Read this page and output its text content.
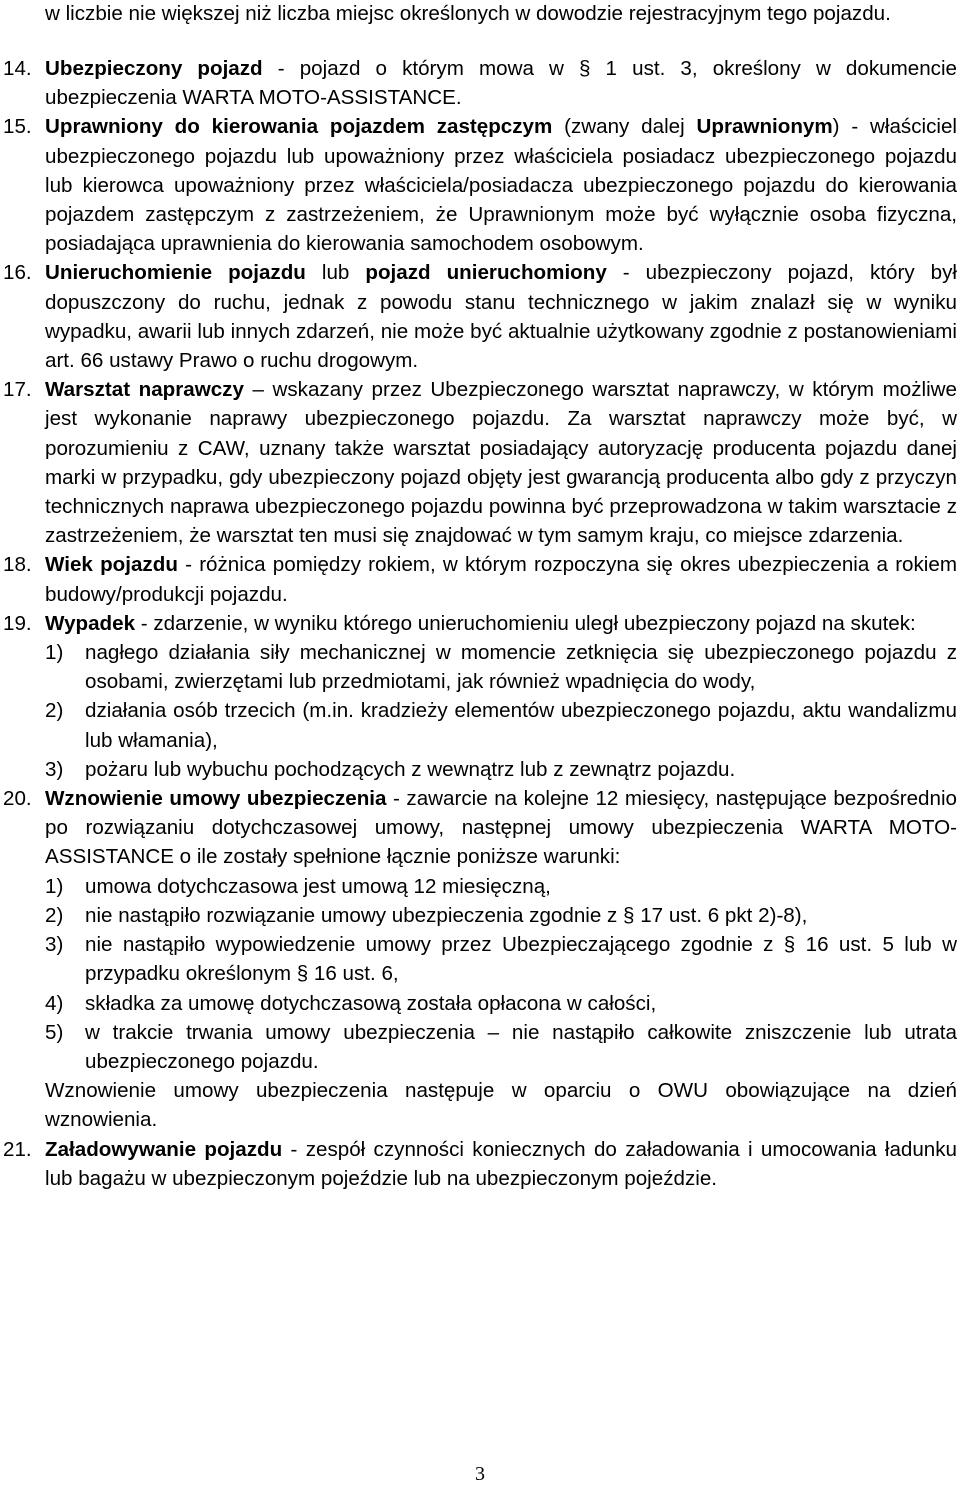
w liczbie nie większej niż liczba miejsc określonych w dowodzie rejestracyjnym tego pojazdu.
14. Ubezpieczony pojazd - pojazd o którym mowa w § 1 ust. 3, określony w dokumencie ubezpieczenia WARTA MOTO-ASSISTANCE.

15. Uprawniony do kierowania pojazdem zastępczym (zwany dalej Uprawnionym) - właściciel ubezpieczonego pojazdu lub upoważniony przez właściciela posiadacz ubezpieczonego pojazdu lub kierowca upoważniony przez właściciela/posiadacza ubezpieczonego pojazdu do kierowania pojazdem zastępczym z zastrzeżeniem, że Uprawnionym może być wyłącznie osoba fizyczna, posiadająca uprawnienia do kierowania samochodem osobowym.

16. Unieruchomienie pojazdu lub pojazd unieruchomiony - ubezpieczony pojazd, który był dopuszczony do ruchu, jednak z powodu stanu technicznego w jakim znalazł się w wyniku wypadku, awarii lub innych zdarzeń, nie może być aktualnie użytkowany zgodnie z postanowieniami art. 66 ustawy Prawo o ruchu drogowym.

17. Warsztat naprawczy – wskazany przez Ubezpieczonego warsztat naprawczy, w którym możliwe jest wykonanie naprawy ubezpieczonego pojazdu. Za warsztat naprawczy może być, w porozumieniu z CAW, uznany także warsztat posiadający autoryzację producenta pojazdu danej marki w przypadku, gdy ubezpieczony pojazd objęty jest gwarancją producenta albo gdy z przyczyn technicznych naprawa ubezpieczonego pojazdu powinna być przeprowadzona w takim warsztacie z zastrzeżeniem, że warsztat ten musi się znajdować w tym samym kraju, co miejsce zdarzenia.

18. Wiek pojazdu - różnica pomiędzy rokiem, w którym rozpoczyna się okres ubezpieczenia a rokiem budowy/produkcji pojazdu.

19. Wypadek - zdarzenie, w wyniku którego unieruchomieniu uległ ubezpieczony pojazd na skutek:

1) nagłego działania siły mechanicznej w momencie zetknięcia się ubezpieczonego pojazdu z osobami, zwierzętami lub przedmiotami, jak również wpadnięcia do wody,
2) działania osób trzecich (m.in. kradzieży elementów ubezpieczonego pojazdu, aktu wandalizmu lub włamania),
3) pożaru lub wybuchu pochodzących z wewnątrz lub z zewnątrz pojazdu.
20. Wznowienie umowy ubezpieczenia - zawarcie na kolejne 12 miesięcy, następujące bezpośrednio po rozwiązaniu dotychczasowej umowy, następnej umowy ubezpieczenia WARTA MOTO-ASSISTANCE o ile zostały spełnione łącznie poniższe warunki:

1) umowa dotychczasowa jest umową 12 miesięczną,
2) nie nastąpiło rozwiązanie umowy ubezpieczenia zgodnie z § 17 ust. 6 pkt 2)-8),
3) nie nastąpiło wypowiedzenie umowy przez Ubezpieczającego zgodnie z § 16 ust. 5 lub w przypadku określonym § 16 ust. 6,
4) składka za umowę dotychczasową została opłacona w całości,
5) w trakcie trwania umowy ubezpieczenia – nie nastąpiło całkowite zniszczenie lub utrata ubezpieczonego pojazdu.

Wznowienie umowy ubezpieczenia następuje w oparciu o OWU obowiązujące na dzień wznowienia.

21. Załadowywanie pojazdu - zespół czynności koniecznych do załadowania i umocowania ładunku lub bagażu w ubezpieczonym pojeździe lub na ubezpieczonym pojeździe.

3
